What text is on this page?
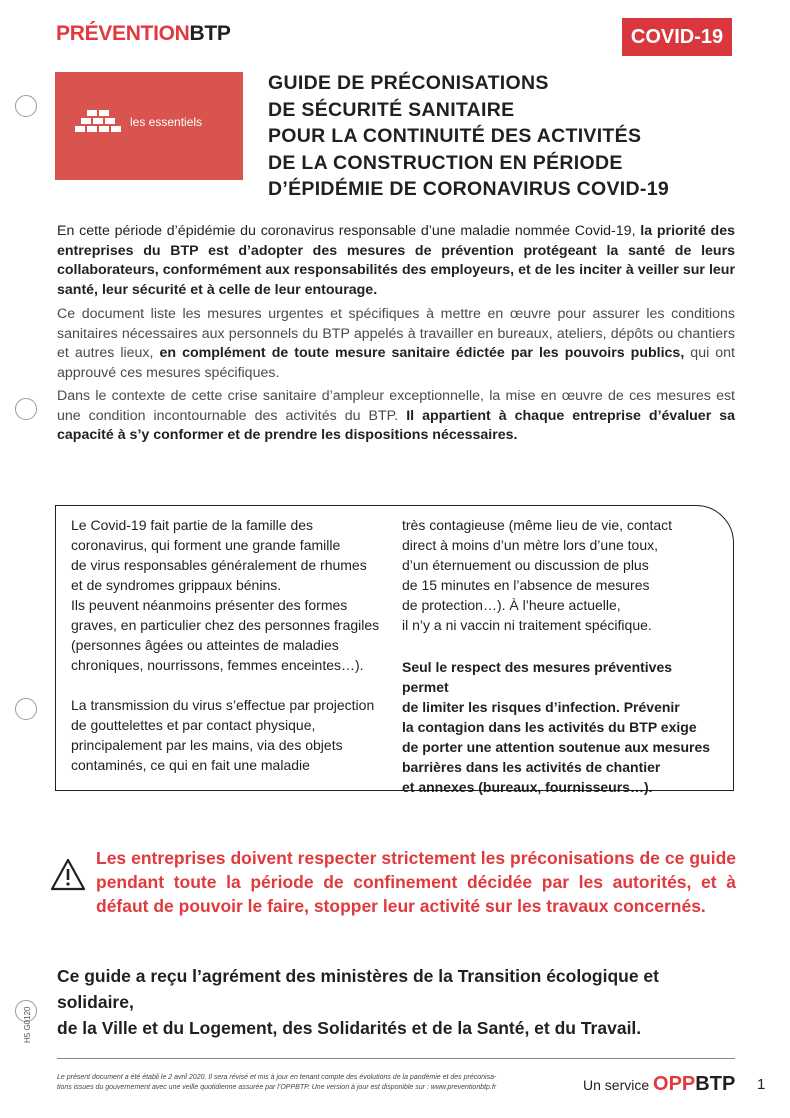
PRÉVENTIONBTP	COVID-19
les essentiels
GUIDE DE PRÉCONISATIONS
DE SÉCURITÉ SANITAIRE
POUR LA CONTINUITÉ DES ACTIVITÉS
DE LA CONSTRUCTION EN PÉRIODE
D’ÉPIDÉMIE DE CORONAVIRUS COVID-19
En cette période d’épidémie du coronavirus responsable d’une maladie nommée Covid-19, la priorité des entreprises du BTP est d’adopter des mesures de prévention protégeant la santé de leurs collaborateurs, conformément aux responsabilités des employeurs, et de les inciter à veiller sur leur santé, leur sécurité et à celle de leur entourage.
Ce document liste les mesures urgentes et spécifiques à mettre en œuvre pour assurer les conditions sanitaires nécessaires aux personnels du BTP appelés à travailler en bureaux, ateliers, dépôts ou chantiers et autres lieux, en complément de toute mesure sanitaire édictée par les pouvoirs publics, qui ont approuvé ces mesures spécifiques.
Dans le contexte de cette crise sanitaire d’ampleur exceptionnelle, la mise en œuvre de ces mesures est une condition incontournable des activités du BTP. Il appartient à chaque entreprise d’évaluer sa capacité à s’y conformer et de prendre les dispositions nécessaires.

Le Covid-19 fait partie de la famille des

coronavirus, qui forment une grande famille

de virus responsables généralement de rhumes

et de syndromes grippaux bénins.

Ils peuvent néanmoins présenter des formes

graves, en particulier chez des personnes fragiles

(personnes âgées ou atteintes de maladies

chroniques, nourrissons, femmes enceintes…).

La transmission du virus s’effectue par projection

de gouttelettes et par contact physique,

principalement par les mains, via des objets

contaminés, ce qui en fait une maladie

très contagieuse (même lieu de vie, contact

direct à moins d’un mètre lors d’une toux,

d’un éternuement ou discussion de plus

de 15 minutes en l’absence de mesures

de protection…). À l’heure actuelle,

il n’y a ni vaccin ni traitement spécifique.

Seul le respect des mesures préventives permet

de limiter les risques d’infection. Prévenir

la contagion dans les activités du BTP exige

de porter une attention soutenue aux mesures

barrières dans les activités de chantier

et annexes (bureaux, fournisseurs…).

Les entreprises doivent respecter strictement les préconisations de ce guide pendant toute la période de confinement décidée par les autorités, et à défaut de pouvoir le faire, stopper leur activité sur les travaux concernés.
Ce guide a reçu l’agrément des ministères de la Transition écologique et solidaire,
de la Ville et du Logement, des Solidarités et de la Santé, et du Travail.
H5 G0120
Le présent document a été établi le 2 avril 2020. Il sera révisé et mis à jour en tenant compte des évolutions de la pandémie et des préconisa-
tions issues du gouvernement avec une veille quotidienne assurée par l’OPPBTP. Une version à jour est disponible sur : www.preventionbtp.fr	Un service OPPBTP 1
